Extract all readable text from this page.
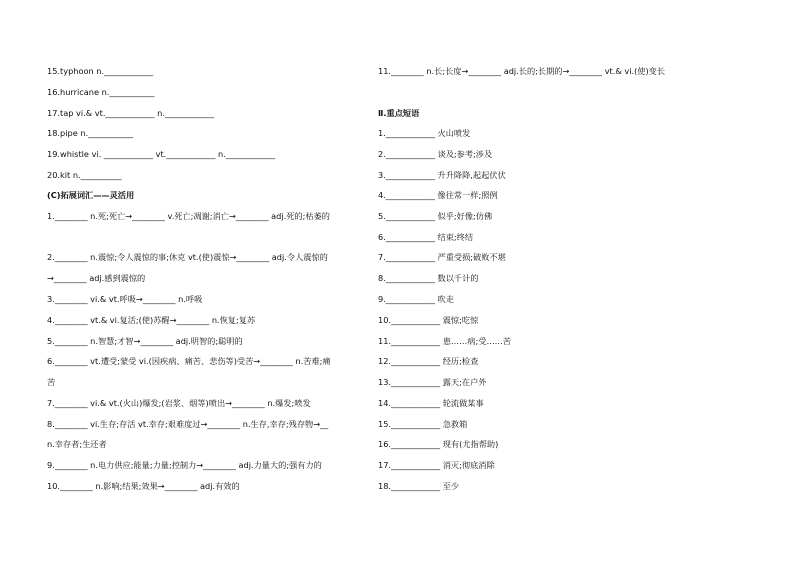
15.typhoon n.____________
16.hurricane n.___________
17.tap vi.& vt.____________ n.____________
18.pipe n.___________
19.whistle vi. ____________ vt.____________ n.____________
20.kit n.__________
(C)拓展词汇——灵活用
1.________ n.死;死亡→________ v.死亡;凋谢;消亡→________ adj.死的;枯萎的
2.________ n.震惊;令人震惊的事;休克 vt.(使)震惊→________ adj.令人震惊的
→________ adj.感到震惊的
3.________ vi.& vt.呼吸→________ n.呼吸
4.________ vt.& vi.复活;(使)苏醒→________ n.恢复;复苏
5.________ n.智慧;才智→________ adj.明智的;聪明的
6.________ vt.遭受;蒙受 vi.(因疾病、痛苦、悲伤等)受苦→________ n.苦难;痛
苦
7.________ vi.& vt.(火山)爆发;(岩浆、烟等)喷出→________ n.爆发;喷发
8.________ vi.生存;存活 vt.幸存;艰难度过→________ n.生存,幸存;残存物→__
n.幸存者;生还者
9.________ n.电力供应;能量;力量;控制力→________ adj.力量大的;强有力的
10.________ n.影响;结果;效果→________ adj.有效的
11.________ n.长;长度→________ adj.长的;长期的→________ vt.& vi.(使)变长
Ⅱ.重点短语
1.____________ 火山喷发
2.____________ 谈及;参考;涉及
3.____________ 升升降降,起起伏伏
4.____________ 像往常一样;照例
5.____________ 似乎;好像;仿佛
6.____________ 结束;终结
7.____________ 严重受损;破败不堪
8.____________ 数以千计的
9.____________ 吹走
10.____________ 震惊;吃惊
11.____________ 患……病;受……苦
12.____________ 经历;检查
13.____________ 露天;在户外
14.____________ 轮流做某事
15.____________ 急救箱
16.____________ 现有(尤指帮助)
17.____________ 消灭;彻底消除
18.____________ 至少
